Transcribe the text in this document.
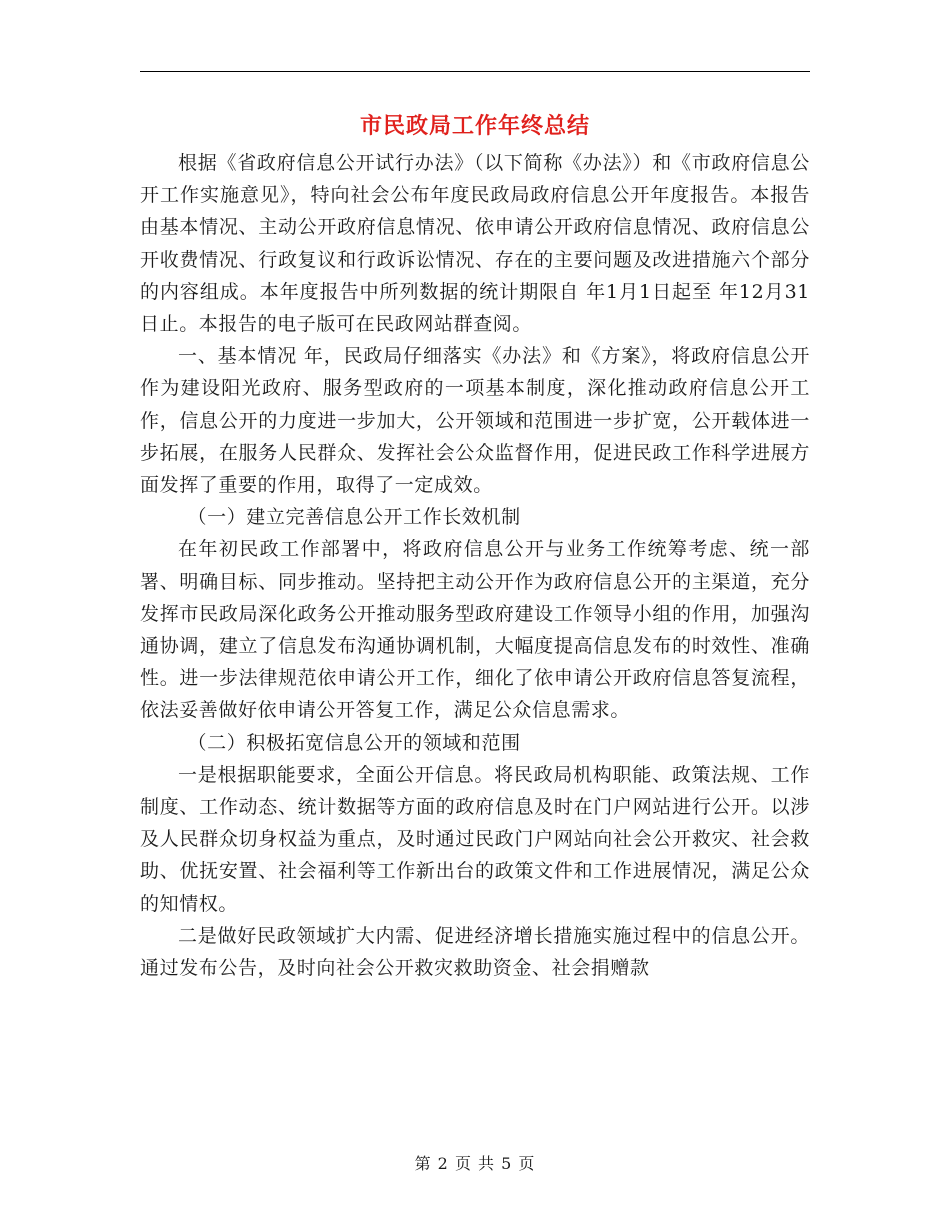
市民政局工作年终总结

根据《省政府信息公开试行办法》（以下简称《办法》）和《市政府信息公开工作实施意见》，特向社会公布年度民政局政府信息公开年度报告。本报告由基本情况、主动公开政府信息情况、依申请公开政府信息情况、政府信息公开收费情况、行政复议和行政诉讼情况、存在的主要问题及改进措施六个部分的内容组成。本年度报告中所列数据的统计期限自 年1月1日起至 年12月31日止。本报告的电子版可在民政网站群查阅。

一、基本情况 年，民政局仔细落实《办法》和《方案》，将政府信息公开作为建设阳光政府、服务型政府的一项基本制度，深化推动政府信息公开工作，信息公开的力度进一步加大，公开领域和范围进一步扩宽，公开载体进一步拓展，在服务人民群众、发挥社会公众监督作用，促进民政工作科学进展方面发挥了重要的作用，取得了一定成效。

（一）建立完善信息公开工作长效机制

在年初民政工作部署中，将政府信息公开与业务工作统筹考虑、统一部署、明确目标、同步推动。坚持把主动公开作为政府信息公开的主渠道，充分发挥市民政局深化政务公开推动服务型政府建设工作领导小组的作用，加强沟通协调，建立了信息发布沟通协调机制，大幅度提高信息发布的时效性、准确性。进一步法律规范依申请公开工作，细化了依申请公开政府信息答复流程，依法妥善做好依申请公开答复工作，满足公众信息需求。

（二）积极拓宽信息公开的领域和范围

一是根据职能要求，全面公开信息。将民政局机构职能、政策法规、工作制度、工作动态、统计数据等方面的政府信息及时在门户网站进行公开。以涉及人民群众切身权益为重点，及时通过民政门户网站向社会公开救灾、社会救助、优抚安置、社会福利等工作新出台的政策文件和工作进展情况，满足公众的知情权。

二是做好民政领域扩大内需、促进经济增长措施实施过程中的信息公开。通过发布公告，及时向社会公开救灾救助资金、社会捐赠款

第 2 页 共 5 页
